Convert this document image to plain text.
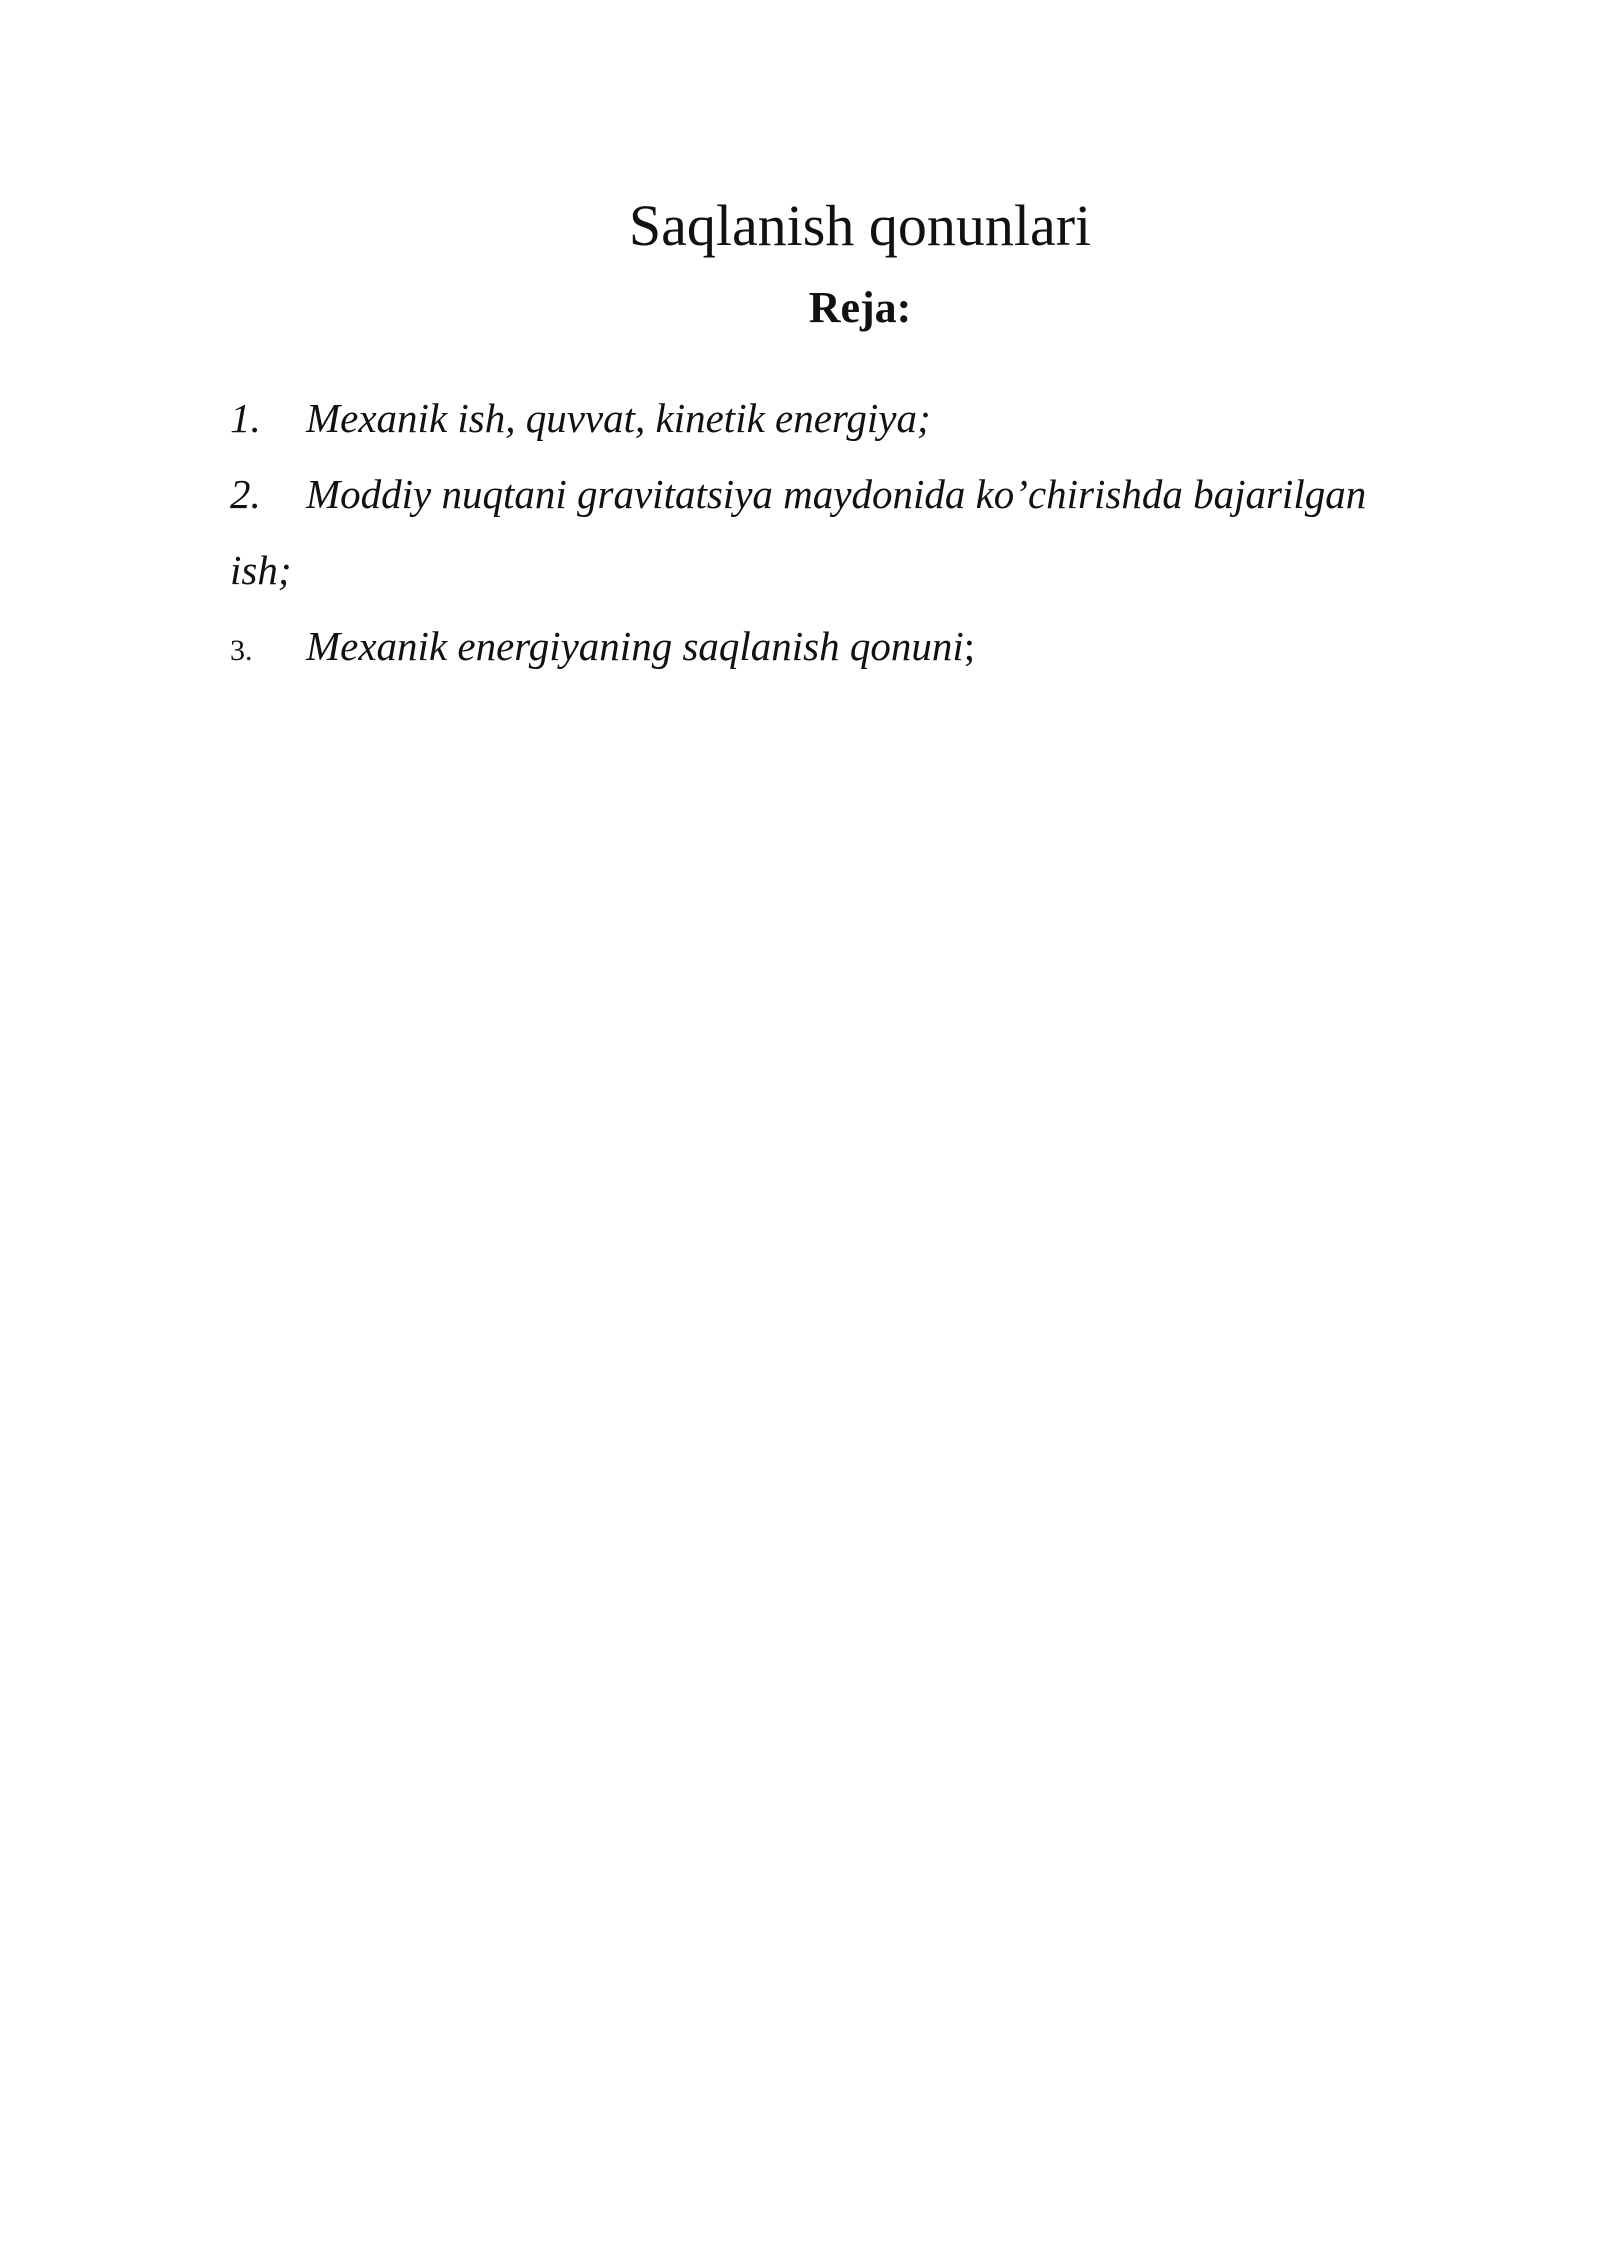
Saqlanish qonunlari
Reja:
1. Mexanik ish, quvvat, kinetik energiya;
2. Moddiy nuqtani gravitatsiya maydonida ko’chirishda bajarilgan
ish;
3. Mexanik energiyaning saqlanish qonuni;
